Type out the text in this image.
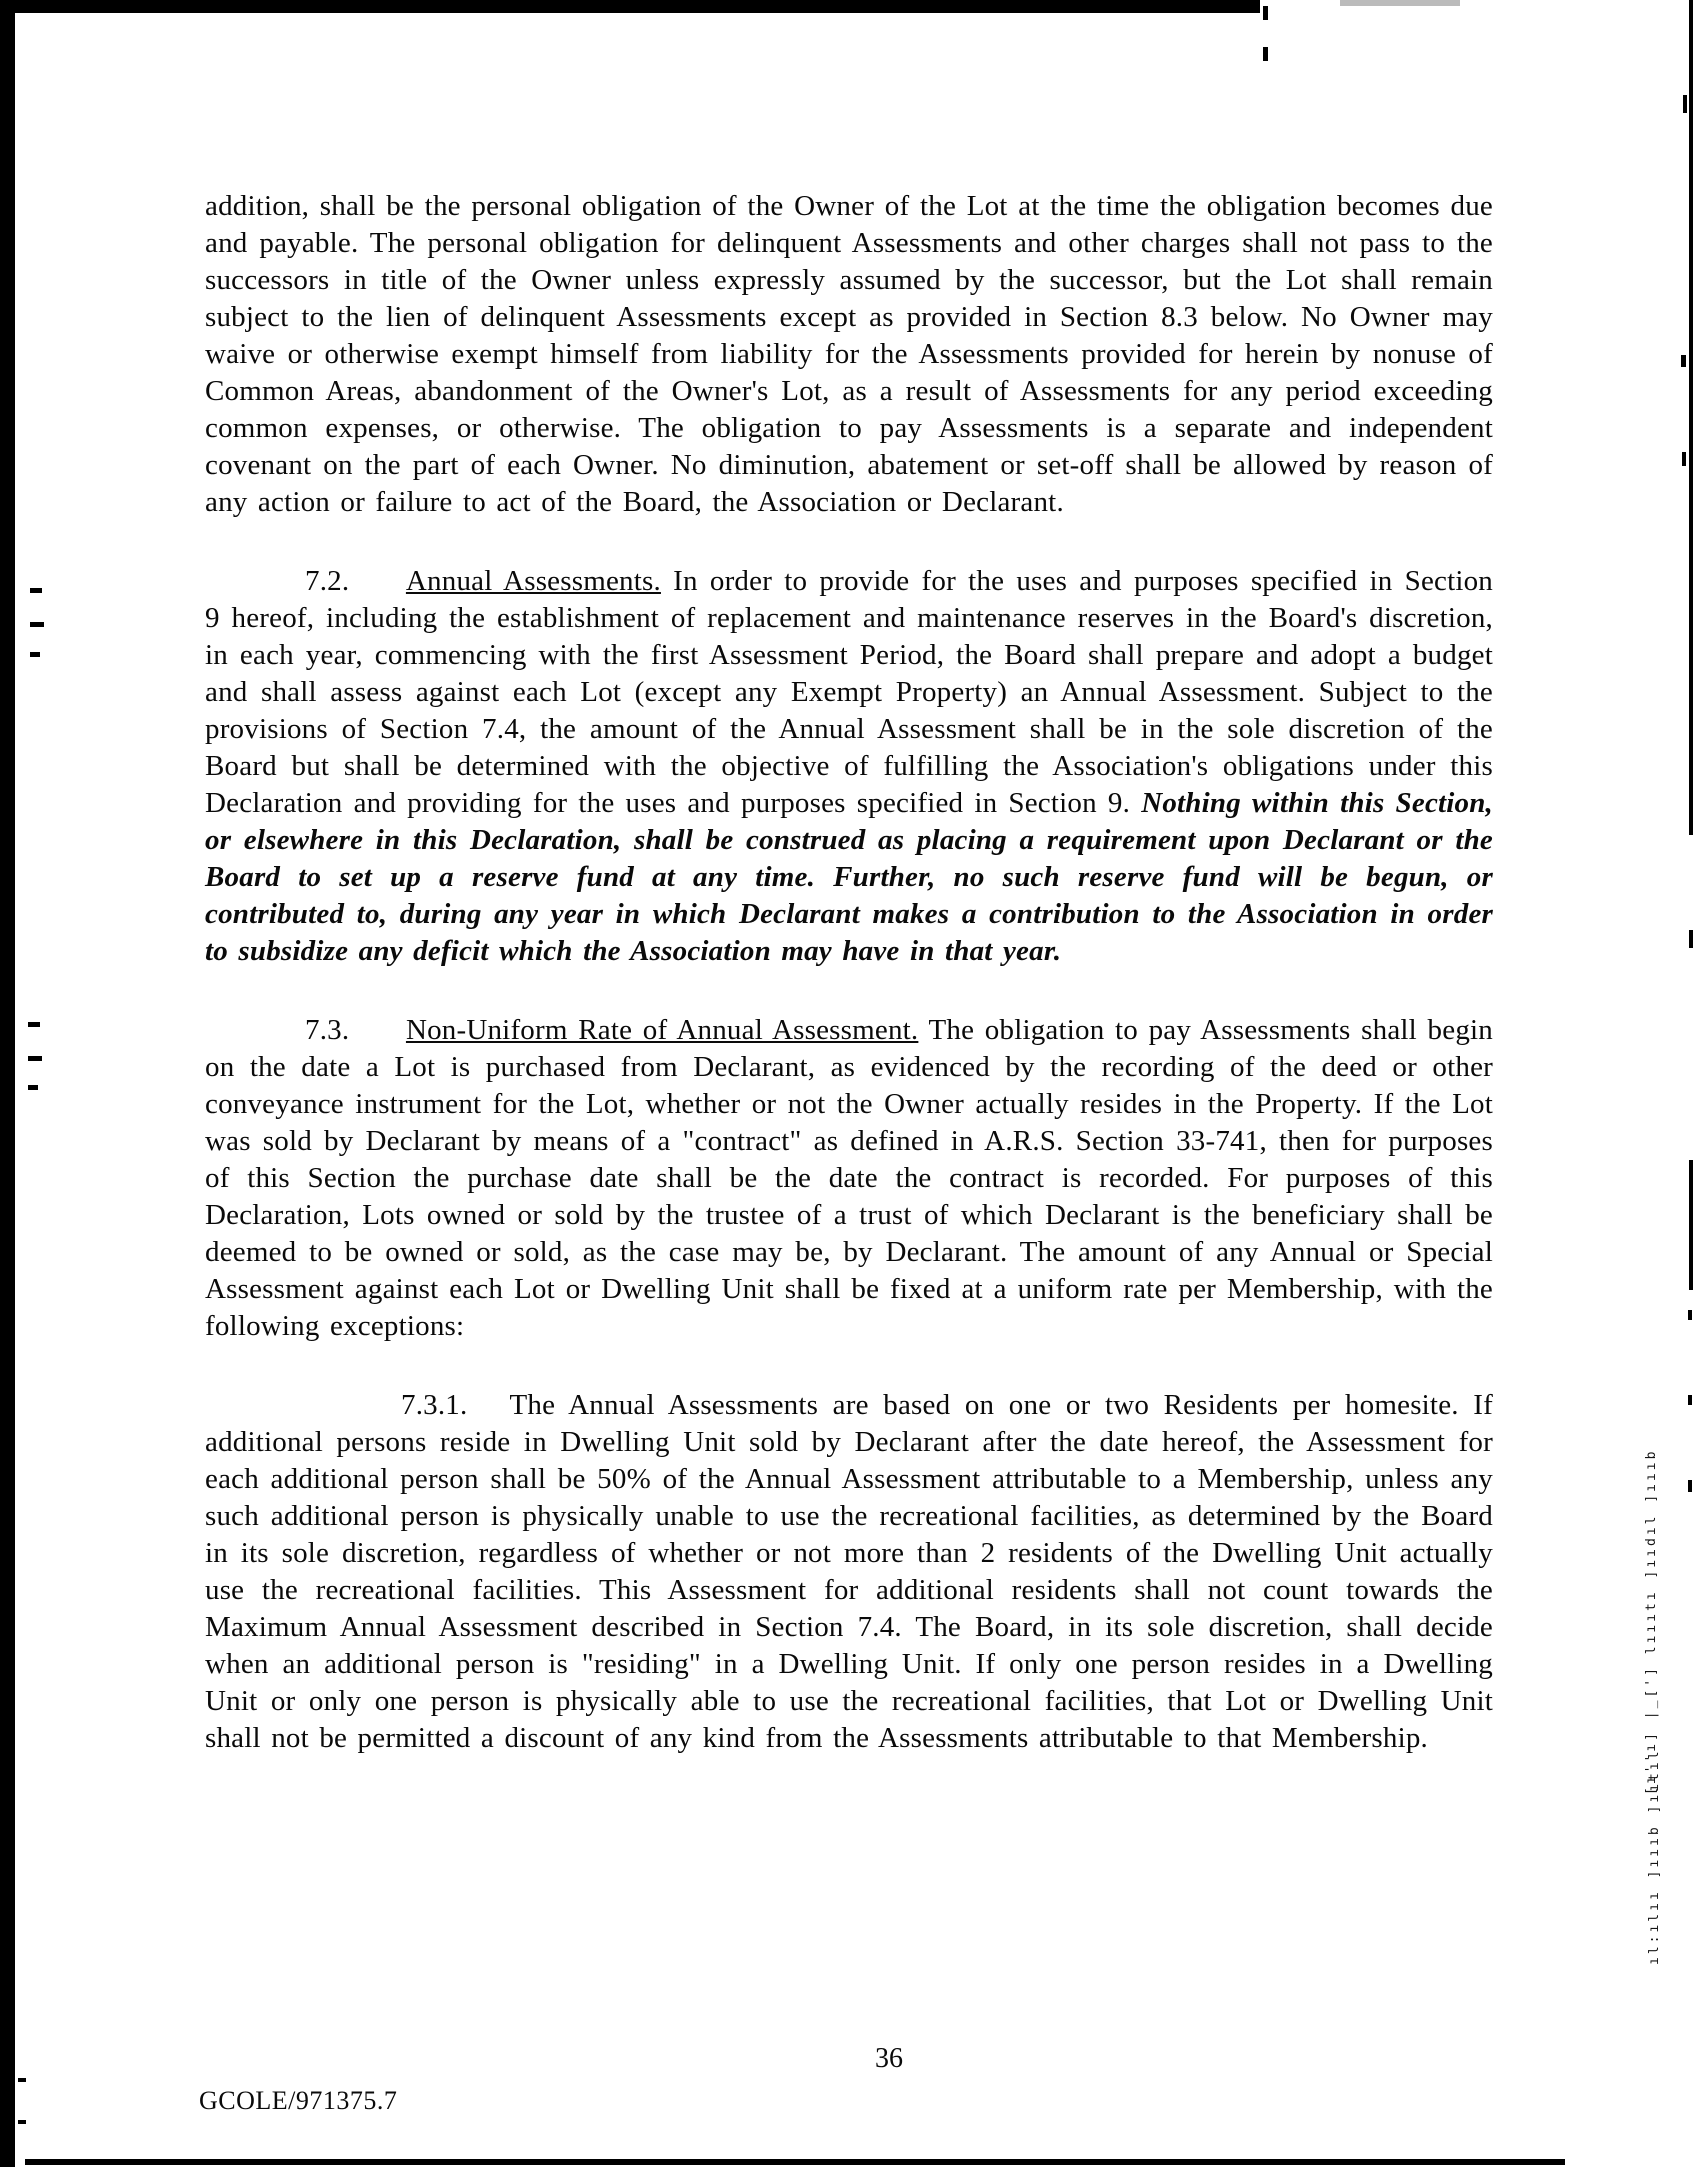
[ı''ı] |_['] lıııtı ]ııdıl ]ıııb
ıl:ılıı ]ıııb ]ııtıl

addition, shall be the personal obligation of the Owner of the Lot at the time the obligation becomes due and payable. The personal obligation for delinquent Assessments and other charges shall not pass to the successors in title of the Owner unless expressly assumed by the successor, but the Lot shall remain subject to the lien of delinquent Assessments except as provided in Section 8.3 below. No Owner may waive or otherwise exempt himself from liability for the Assessments provided for herein by nonuse of Common Areas, abandonment of the Owner's Lot, as a result of Assessments for any period exceeding common expenses, or otherwise. The obligation to pay Assessments is a separate and independent covenant on the part of each Owner. No diminution, abatement or set-off shall be allowed by reason of any action or failure to act of the Board, the Association or Declarant.

7.2. Annual Assessments. In order to provide for the uses and purposes specified in Section 9 hereof, including the establishment of replacement and maintenance reserves in the Board's discretion, in each year, commencing with the first Assessment Period, the Board shall prepare and adopt a budget and shall assess against each Lot (except any Exempt Property) an Annual Assessment. Subject to the provisions of Section 7.4, the amount of the Annual Assessment shall be in the sole discretion of the Board but shall be determined with the objective of fulfilling the Association's obligations under this Declaration and providing for the uses and purposes specified in Section 9. Nothing within this Section, or elsewhere in this Declaration, shall be construed as placing a requirement upon Declarant or the Board to set up a reserve fund at any time. Further, no such reserve fund will be begun, or contributed to, during any year in which Declarant makes a contribution to the Association in order to subsidize any deficit which the Association may have in that year.

7.3. Non-Uniform Rate of Annual Assessment. The obligation to pay Assessments shall begin on the date a Lot is purchased from Declarant, as evidenced by the recording of the deed or other conveyance instrument for the Lot, whether or not the Owner actually resides in the Property. If the Lot was sold by Declarant by means of a "contract" as defined in A.R.S. Section 33-741, then for purposes of this Section the purchase date shall be the date the contract is recorded. For purposes of this Declaration, Lots owned or sold by the trustee of a trust of which Declarant is the beneficiary shall be deemed to be owned or sold, as the case may be, by Declarant. The amount of any Annual or Special Assessment against each Lot or Dwelling Unit shall be fixed at a uniform rate per Membership, with the following exceptions:

7.3.1. The Annual Assessments are based on one or two Residents per homesite. If additional persons reside in Dwelling Unit sold by Declarant after the date hereof, the Assessment for each additional person shall be 50% of the Annual Assessment attributable to a Membership, unless any such additional person is physically unable to use the recreational facilities, as determined by the Board in its sole discretion, regardless of whether or not more than 2 residents of the Dwelling Unit actually use the recreational facilities. This Assessment for additional residents shall not count towards the Maximum Annual Assessment described in Section 7.4. The Board, in its sole discretion, shall decide when an additional person is "residing" in a Dwelling Unit. If only one person resides in a Dwelling Unit or only one person is physically able to use the recreational facilities, that Lot or Dwelling Unit shall not be permitted a discount of any kind from the Assessments attributable to that Membership.

36
GCOLE/971375.7
